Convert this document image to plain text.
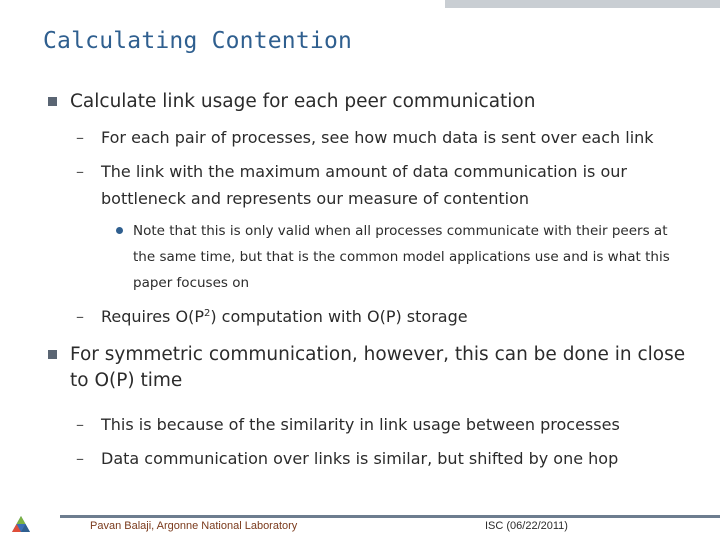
Calculating Contention
Calculate link usage for each peer communication
– For each pair of processes, see how much data is sent over each link
– The link with the maximum amount of data communication is our bottleneck and represents our measure of contention
Note that this is only valid when all processes communicate with their peers at the same time, but that is the common model applications use and is what this paper focuses on
– Requires $O(P^2)$ computation with O(P) storage
For symmetric communication, however, this can be done in close to O(P) time
– This is because of the similarity in link usage between processes
– Data communication over links is similar, but shifted by one hop
Pavan Balaji, Argonne National Laboratory	ISC (06/22/2011)
